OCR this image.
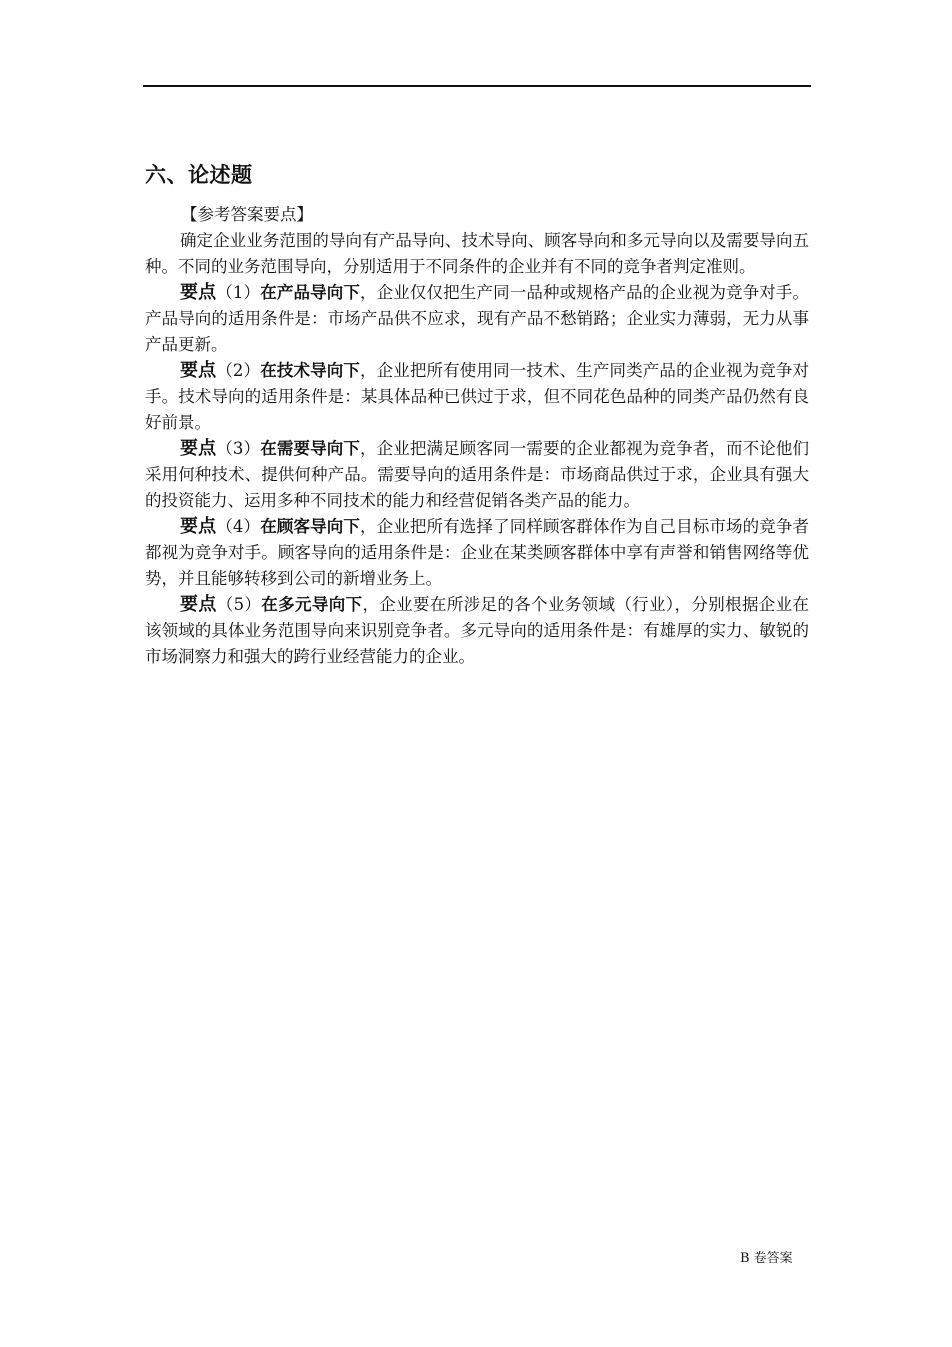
六、论述题

【参考答案要点】

确定企业业务范围的导向有产品导向、技术导向、顾客导向和多元导向以及需要导向五种。不同的业务范围导向，分别适用于不同条件的企业并有不同的竞争者判定准则。

要点（1）在产品导向下，企业仅仅把生产同一品种或规格产品的企业视为竞争对手。产品导向的适用条件是：市场产品供不应求，现有产品不愁销路；企业实力薄弱，无力从事产品更新。

要点（2）在技术导向下，企业把所有使用同一技术、生产同类产品的企业视为竞争对手。技术导向的适用条件是：某具体品种已供过于求，但不同花色品种的同类产品仍然有良好前景。

要点（3）在需要导向下，企业把满足顾客同一需要的企业都视为竞争者，而不论他们采用何种技术、提供何种产品。需要导向的适用条件是：市场商品供过于求，企业具有强大的投资能力、运用多种不同技术的能力和经营促销各类产品的能力。

要点（4）在顾客导向下，企业把所有选择了同样顾客群体作为自己目标市场的竞争者都视为竞争对手。顾客导向的适用条件是：企业在某类顾客群体中享有声誉和销售网络等优势，并且能够转移到公司的新增业务上。

要点（5）在多元导向下，企业要在所涉足的各个业务领域（行业），分别根据企业在该领域的具体业务范围导向来识别竞争者。多元导向的适用条件是：有雄厚的实力、敏锐的市场洞察力和强大的跨行业经营能力的企业。

B 卷答案
